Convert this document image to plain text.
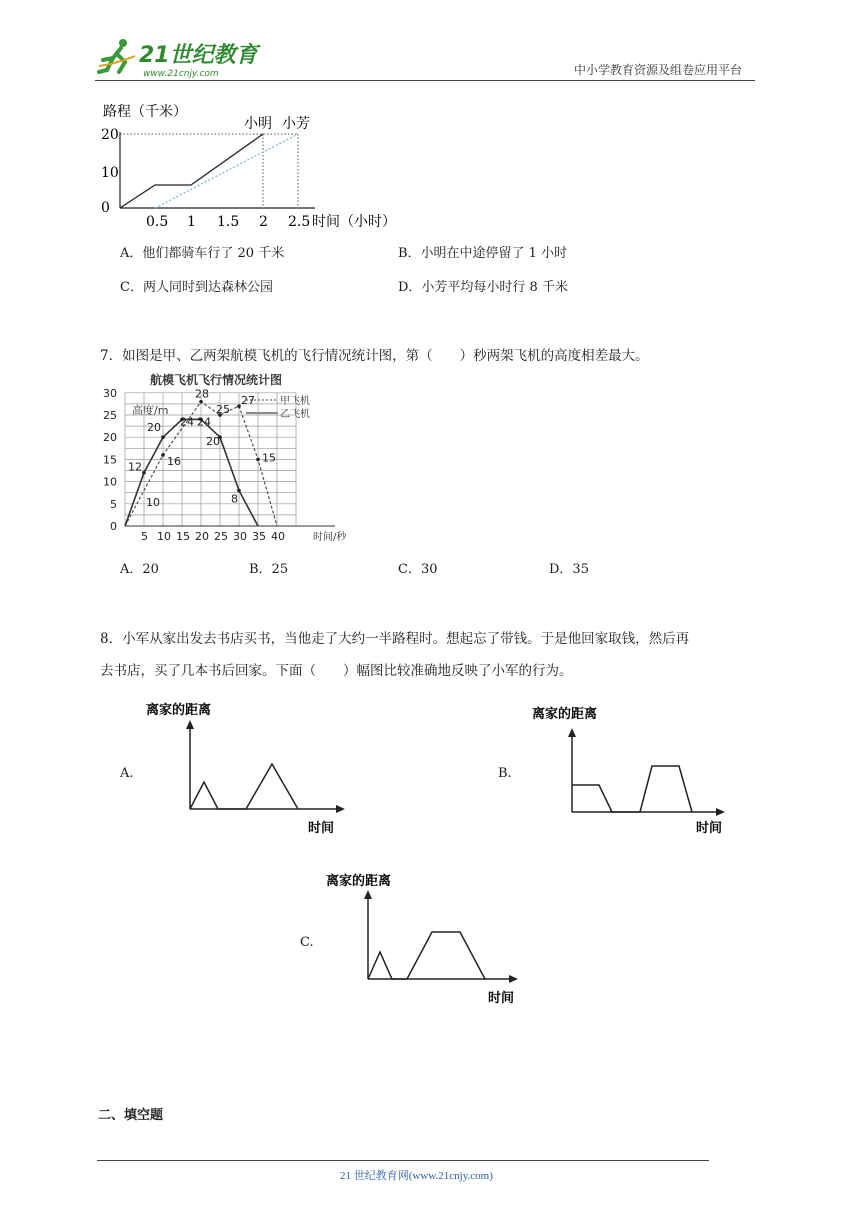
21世纪教育
www.21cnjy.com	中小学教育资源及组卷应用平台
路程（千米）
0
10
20
0.5 1 1.5 2 2.5 时间（小时）
小明 小芳
A．他们都骑车行了 20 千米	B．小明在中途停留了 1 小时
C．两人同时到达森林公园	D．小芳平均每小时行 8 千米
7．如图是甲、乙两架航模飞机的飞行情况统计图，第（　　）秒两架飞机的高度相差最大。
航模飞机飞行情况统计图
高度/m
甲飞机
乙飞机
0
5
10
15
20
25
30
5 10 15 20 25 30 35 40	时间/秒
16
28
25
27
15
12
20 24 24
20
8
10
A．20	B．25	C．30	D．35
8．小军从家出发去书店买书，当他走了大约一半路程时。想起忘了带钱。于是他回家取钱，然后再
去书店，买了几本书后回家。下面（　　）幅图比较准确地反映了小军的行为。
A.
离家的距离
时间
B.
离家的距离
时间
C.
离家的距离
时间
二、填空题
21 世纪教育网(www.21cnjy.com)
